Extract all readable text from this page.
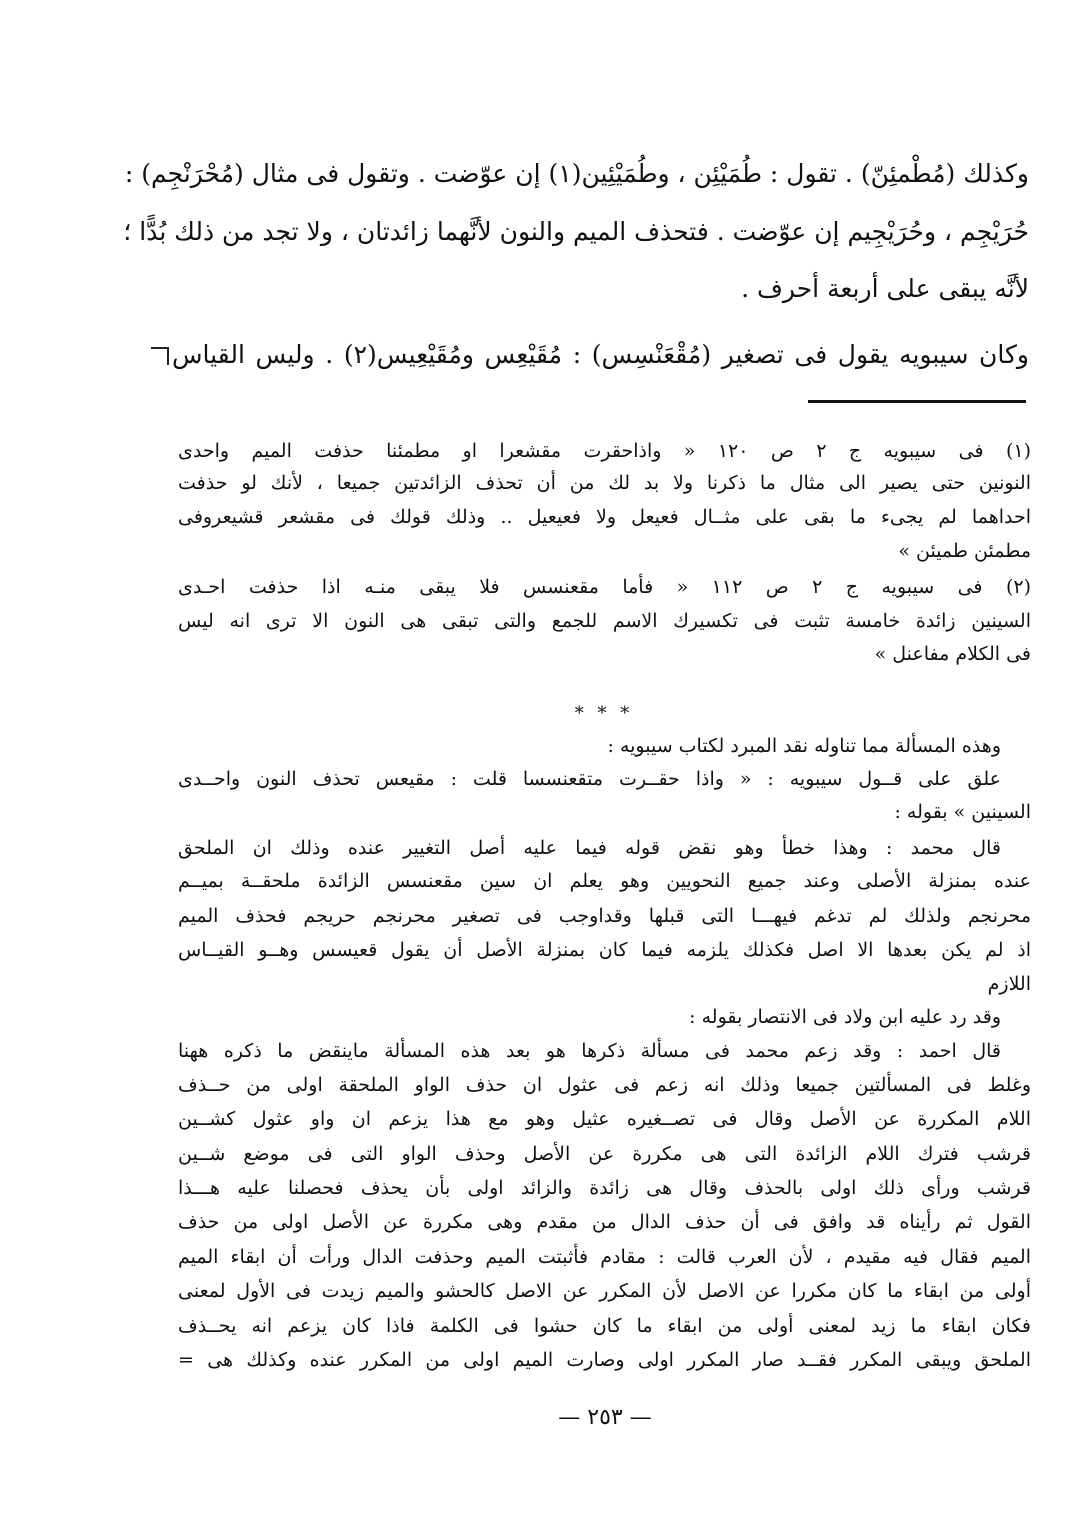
وكذلك (مُطْمئِنّ) . تقول : طُمَيْئِن ، وطُمَيْئِين(١) إن عوّضت . وتقول فى مثال (مُحْرَنْجِم) :
حُرَيْجِم ، وحُرَيْجِيم إن عوّضت . فتحذف الميم والنون لأنَّهما زائدتان ، ولا تجد من ذلك بُدًّا ؛
لأنَّه يبقى على أربعة أحرف .
وكان سيبويه يقول فى تصغير (مُقْعَنْسِس) : مُقَيْعِس ومُقَيْعِيس(٢) . وليس القياس
(١) فى سيبويه ج ٢ ص ١٢٠ « واذاحقرت مقشعرا او مطمئنا حذفت الميم واحدى
النونين حتى يصير الى مثال ما ذكرنا ولا بد لك من أن تحذف الزائدتين جميعا ، لأنك لو حذفت
احداهما لم يجىء ما بقى على مثــال فعيعل ولا فعيعيل .. وذلك قولك فى مقشعر قشيعروفى
مطمئن طميئن »
(٢) فى سيبويه ج ٢ ص ١١٢ « فأما مقعنسس فلا يبقى منـه اذا حذفت احـدى
السينين زائدة خامسة تثبت فى تكسيرك الاسم للجمع والتى تبقى هى النون الا ترى انه ليس
فى الكلام مفاعنل »
* * *
وهذه المسألة مما تناوله نقد المبرد لكتاب سيبويه :
علق على قــول سيبويه : « واذا حقــرت متقعنسسا قلت : مقيعس تحذف النون واحــدى
السينين » بقوله :
قال محمد : وهذا خطأ وهو نقض قوله فيما عليه أصل التغيير عنده وذلك ان الملحق
عنده بمنزلة الأصلى وعند جميع النحويين وهو يعلم ان سين مقعنسس الزائدة ملحقــة بميــم
محرنجم ولذلك لم تدغم فيهـــا التى قبلها وقداوجب فى تصغير محرنجم حريجم فحذف الميم
اذ لم يكن بعدها الا اصل فكذلك يلزمه فيما كان بمنزلة الأصل أن يقول قعيسس وهــو القيــاس
اللازم
وقد رد عليه ابن ولاد فى الانتصار بقوله :
قال احمد : وقد زعم محمد فى مسألة ذكرها هو بعد هذه المسألة ماينقض ما ذكره ههنا
وغلط فى المسألتين جميعا وذلك انه زعم فى عثول ان حذف الواو الملحقة اولى من حــذف
اللام المكررة عن الأصل وقال فى تصــغيره عثيل وهو مع هذا يزعم ان واو عثول كشــين
قرشب فترك اللام الزائدة التى هى مكررة عن الأصل وحذف الواو التى فى موضع شــين
قرشب ورأى ذلك اولى بالحذف وقال هى زائدة والزائد اولى بأن يحذف فحصلنا عليه هـــذا
القول ثم رأيناه قد وافق فى أن حذف الدال من مقدم وهى مكررة عن الأصل اولى من حذف
الميم فقال فيه مقيدم ، لأن العرب قالت : مقادم فأثبتت الميم وحذفت الدال ورأت أن ابقاء الميم
أولى من ابقاء ما كان مكررا عن الاصل لأن المكرر عن الاصل كالحشو والميم زيدت فى الأول لمعنى
فكان ابقاء ما زيد لمعنى أولى من ابقاء ما كان حشوا فى الكلمة فاذا كان يزعم انه يحــذف
الملحق ويبقى المكرر فقــد صار المكرر اولى وصارت الميم اولى من المكرر عنده وكذلك هى =
— ٢٥٣ —
